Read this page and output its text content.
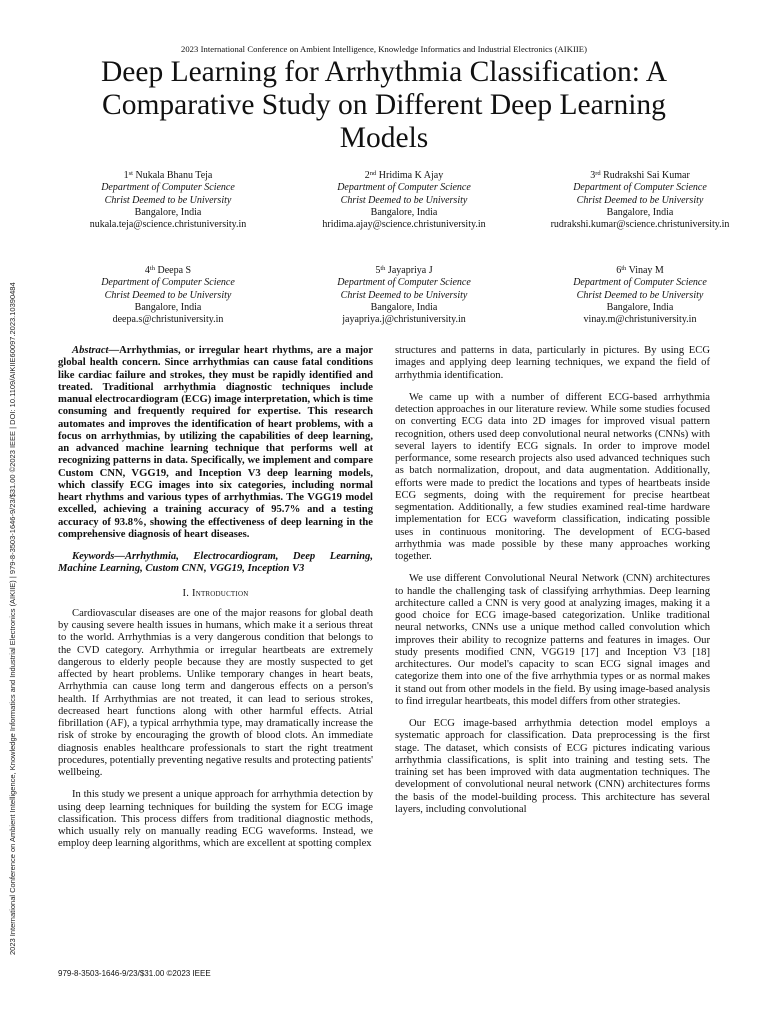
2023 International Conference on Ambient Intelligence, Knowledge Informatics and Industrial Electronics (AIKIIE)
Deep Learning for Arrhythmia Classification: A Comparative Study on Different Deep Learning Models
1st Nukala Bhanu Teja
Department of Computer Science
Christ Deemed to be University
Bangalore, India
nukala.teja@science.christuniversity.in
2nd Hridima K Ajay
Department of Computer Science
Christ Deemed to be University
Bangalore, India
hridima.ajay@science.christuniversity.in
3rd Rudrakshi Sai Kumar
Department of Computer Science
Christ Deemed to be University
Bangalore, India
rudrakshi.kumar@science.christuniversity.in
4th Deepa S
Department of Computer Science
Christ Deemed to be University
Bangalore, India
deepa.s@christuniversity.in
5th Jayapriya J
Department of Computer Science
Christ Deemed to be University
Bangalore, India
jayapriya.j@christuniversity.in
6th Vinay M
Department of Computer Science
Christ Deemed to be University
Bangalore, India
vinay.m@christuniversity.in
2023 International Conference on Ambient Intelligence, Knowledge Informatics and Industrial Electronics (AIKIIE) | 979-8-3503-1646-9/23/$31.00 ©2023 IEEE | DOI: 10.1109/AIKIIE60097.2023.10390484	Abstract—Arrhythmias, or irregular heart rhythms, are a major global health concern. Since arrhythmias can cause fatal conditions like cardiac failure and strokes, they must be rapidly identified and treated. Traditional arrhythmia diagnostic techniques include manual electrocardiogram (ECG) image interpretation, which is time consuming and frequently required for expertise. This research automates and improves the identification of heart problems, with a focus on arrhythmias, by utilizing the capabilities of deep learning, an advanced machine learning technique that performs well at recognizing patterns in data. Specifically, we implement and compare Custom CNN, VGG19, and Inception V3 deep learning models, which classify ECG images into six categories, including normal heart rhythms and various types of arrhythmias. The VGG19 model excelled, achieving a training accuracy of 95.7% and a testing accuracy of 93.8%, showing the effectiveness of deep learning in the comprehensive diagnosis of heart diseases.

Keywords—Arrhythmia, Electrocardiogram, Deep Learning, Machine Learning, Custom CNN, VGG19, Inception V3

I. Introduction

Cardiovascular diseases are one of the major reasons for global death by causing severe health issues in humans, which make it a serious threat to the world. Arrhythmias is a very dangerous condition that belongs to the CVD category. Arrhythmia or irregular heartbeats are extremely dangerous to elderly people because they are mostly suspected to get affected by heart problems. Unlike temporary changes in heart beats, Arrhythmia can cause long term and dangerous effects on a person's health. If Arrhythmias are not treated, it can lead to serious strokes, decreased heart functions along with other harmful effects. Atrial fibrillation (AF), a typical arrhythmia type, may dramatically increase the risk of stroke by encouraging the growth of blood clots. An immediate diagnosis enables healthcare professionals to start the right treatment procedures, potentially preventing negative results and protecting patients' wellbeing.

In this study we present a unique approach for arrhythmia detection by using deep learning techniques for building the system for ECG image classification. This process differs from traditional diagnostic methods, which usually rely on manually reading ECG waveforms. Instead, we employ deep learning algorithms, which are excellent at spotting complex

structures and patterns in data, particularly in pictures. By using ECG images and applying deep learning techniques, we expand the field of arrhythmia identification.

We came up with a number of different ECG-based arrhythmia detection approaches in our literature review. While some studies focused on converting ECG data into 2D images for improved visual pattern recognition, others used deep convolutional neural networks (CNNs) with several layers to identify ECG signals. In order to improve model performance, some research projects also used advanced techniques such as batch normalization, dropout, and data augmentation. Additionally, efforts were made to predict the locations and types of heartbeats inside ECG segments, doing with the requirement for precise heartbeat segmentation. Additionally, a few studies examined real-time hardware implementation for ECG waveform classification, indicating possible uses in continuous monitoring. The development of ECG-based arrhythmia was made possible by these many approaches working together.

We use different Convolutional Neural Network (CNN) architectures to handle the challenging task of classifying arrhythmias. Deep learning architecture called a CNN is very good at analyzing images, making it a good choice for ECG image-based categorization. Unlike traditional neural networks, CNNs use a unique method called convolution which improves their ability to recognize patterns and features in images. Our study presents modified CNN, VGG19 [17] and Inception V3 [18] architectures. Our model's capacity to scan ECG signal images and categorize them into one of the five arrhythmia types or as normal makes it stand out from other models in the field. By using image-based analysis to find irregular heartbeats, this model differs from other strategies.

Our ECG image-based arrhythmia detection model employs a systematic approach for classification. Data preprocessing is the first stage. The dataset, which consists of ECG pictures indicating various arrhythmia classifications, is split into training and testing sets. The training set has been improved with data augmentation techniques. The development of convolutional neural network (CNN) architectures forms the basis of the model-building process. This architecture has several layers, including convolutional

979-8-3503-1646-9/23/$31.00 ©2023 IEEE
